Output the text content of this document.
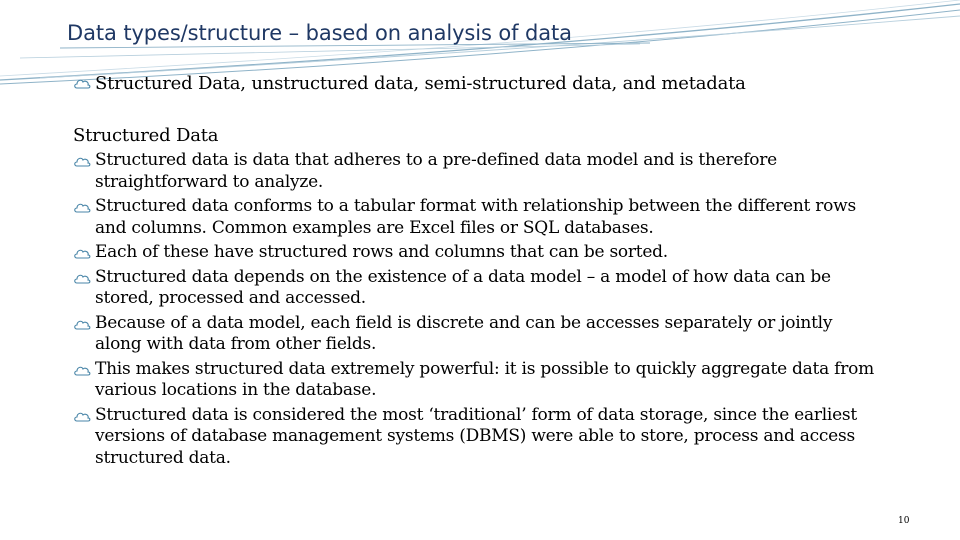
Data types/structure – based on analysis of data

Structured Data, unstructured data, semi-structured data, and metadata

Structured Data

Structured data is data that adheres to a pre-defined data model and is therefore straightforward to analyze.
Structured data conforms to a tabular format with relationship between the different rows and columns. Common examples are Excel files or SQL databases.
Each of these have structured rows and columns that can be sorted.
Structured data depends on the existence of a data model – a model of how data can be stored, processed and accessed.
Because of a data model, each field is discrete and can be accesses separately or jointly along with data from other fields.
This makes structured data extremely powerful: it is possible to quickly aggregate data from various locations in the database.
Structured data is considered the most ‘traditional’ form of data storage, since the earliest versions of database management systems (DBMS) were able to store, process and access structured data.
10
